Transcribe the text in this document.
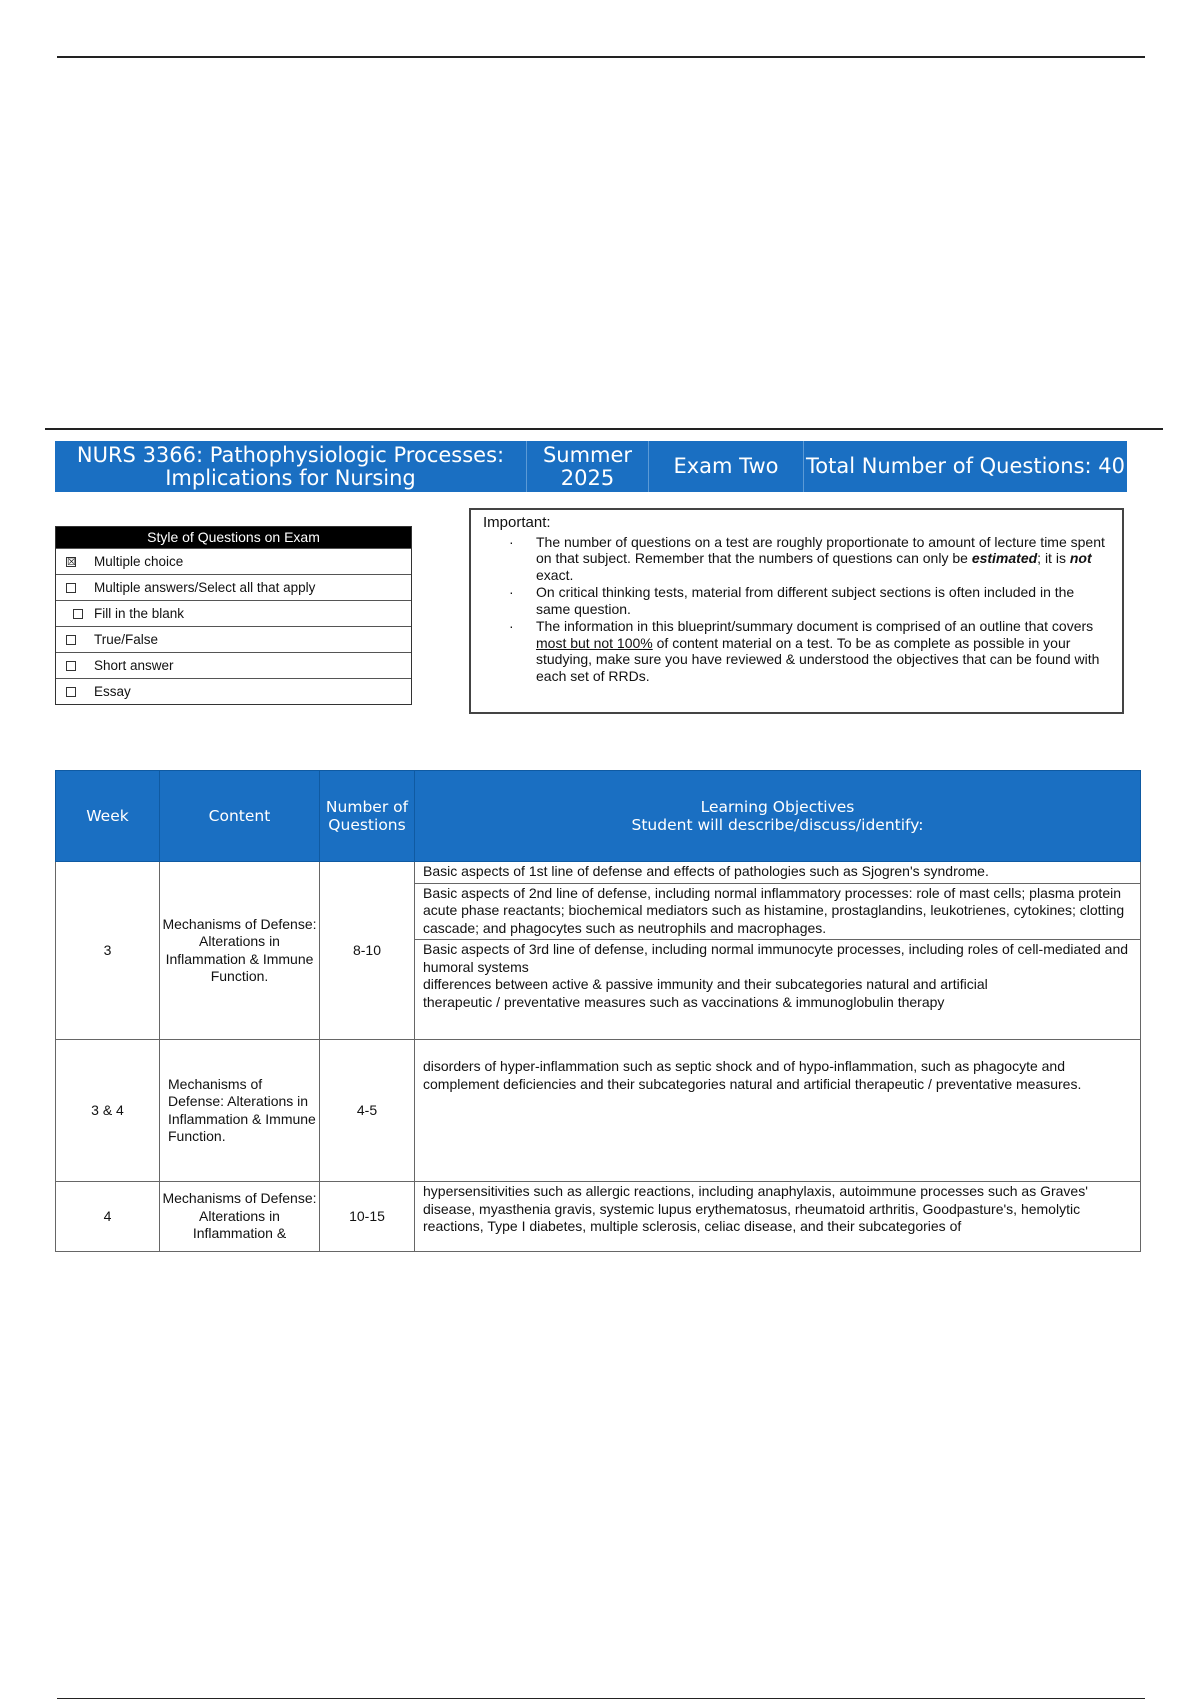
NURS 3366: Pathophysiologic Processes: Implications for Nursing
Summer 2025	Exam Two	Total Number of Questions: 40
Style of Questions on Exam
☒ Multiple choice
Multiple answers/Select all that apply
Fill in the blank
True/False
Short answer
Essay
Important:
· The number of questions on a test are roughly proportionate to amount of lecture time spent on that subject. Remember that the numbers of questions can only be estimated; it is not exact.
· On critical thinking tests, material from different subject sections is often included in the same question.
· The information in this blueprint/summary document is comprised of an outline that covers most but not 100% of content material on a test. To be as complete as possible in your studying, make sure you have reviewed & understood the objectives that can be found with each set of RRDs.
Week	Content	Number of Questions	Learning Objectives
Student will describe/discuss/identify:

3	Mechanisms of Defense: Alterations in Inflammation & Immune Function.	8-10	Basic aspects of 1st line of defense and effects of pathologies such as Sjogren's syndrome.
Basic aspects of 2nd line of defense, including normal inflammatory processes: role of mast cells; plasma protein acute phase reactants; biochemical mediators such as histamine, prostaglandins, leukotrienes, cytokines; clotting cascade; and phagocytes such as neutrophils and macrophages.
Basic aspects of 3rd line of defense, including normal immunocyte processes, including roles of cell-mediated and humoral systems
differences between active & passive immunity and their subcategories natural and artificial
therapeutic / preventative measures such as vaccinations & immunoglobulin therapy

3 & 4	Mechanisms of Defense: Alterations in Inflammation & Immune Function.	4-5	disorders of hyper-inflammation such as septic shock and of hypo-inflammation, such as phagocyte and complement deficiencies and their subcategories natural and artificial therapeutic / preventative measures.

4	Mechanisms of Defense: Alterations in Inflammation &	10-15	hypersensitivities such as allergic reactions, including anaphylaxis, autoimmune processes such as Graves' disease, myasthenia gravis, systemic lupus erythematosus, rheumatoid arthritis, Goodpasture's, hemolytic reactions, Type I diabetes, multiple sclerosis, celiac disease, and their subcategories of
